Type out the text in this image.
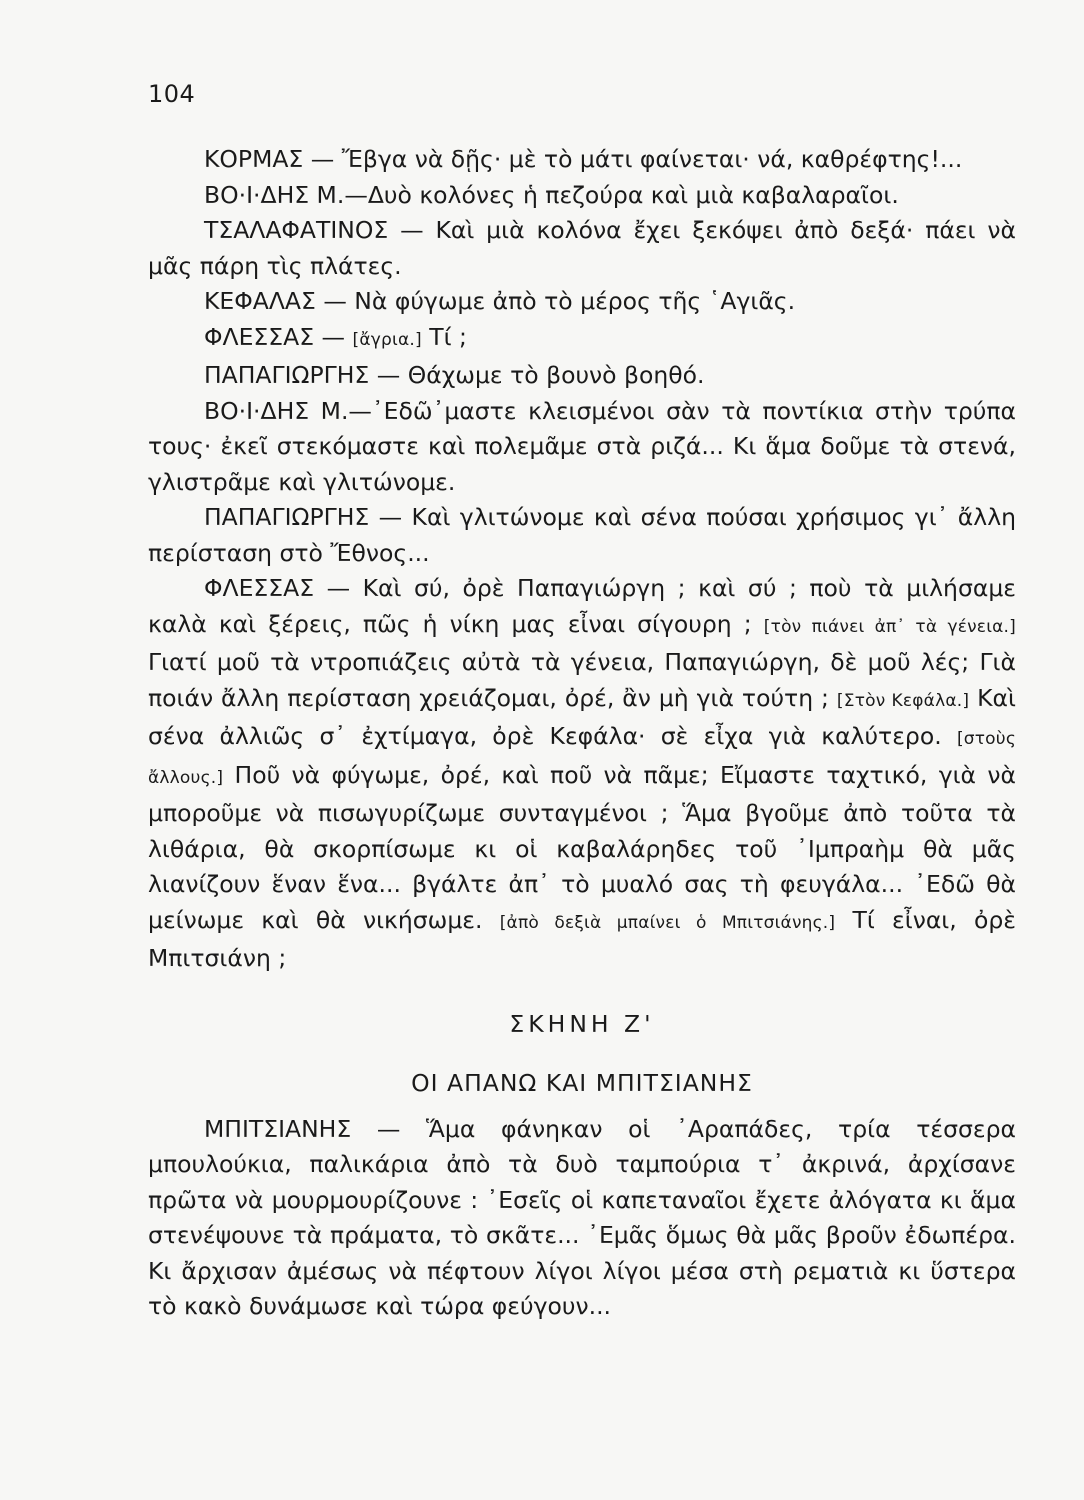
104

ΚΟΡΜΑΣ — Ἔβγα νὰ δῇς· μὲ τὸ μάτι φαίνεται· νά, καθρέφτης!...

ΒΟ·Ι·ΔΗΣ Μ.—Δυὸ κολόνες ἡ πεζούρα καὶ μιὰ καβαλαραῖοι.

ΤΣΑΛΑΦΑΤΙΝΟΣ — Καὶ μιὰ κολόνα ἔχει ξεκόψει ἀπὸ δεξά· πάει νὰ μᾶς πάρη τὶς πλάτες.

ΚΕΦΑΛΑΣ — Νὰ φύγωμε ἀπὸ τὸ μέρος τῆς ῾Αγιᾶς.

ΦΛΕΣΣΑΣ — [ἄγρια.] Τί ;

ΠΑΠΑΓΙΩΡΓΗΣ — Θάχωμε τὸ βουνὸ βοηθό.

ΒΟ·Ι·ΔΗΣ Μ.—᾿Εδῶ᾿μαστε κλεισμένοι σὰν τὰ ποντίκια στὴν τρύπα τους· ἐκεῖ στεκόμαστε καὶ πολεμᾶμε στὰ ριζά... Κι ἅμα δοῦμε τὰ στενά, γλιστρᾶμε καὶ γλιτώνομε.

ΠΑΠΑΓΙΩΡΓΗΣ — Καὶ γλιτώνομε καὶ σένα πούσαι χρήσιμος γι᾿ ἄλλη περίσταση στὸ Ἔθνος...

ΦΛΕΣΣΑΣ — Καὶ σύ, ὀρὲ Παπαγιώργη ; καὶ σύ ; ποὺ τὰ μιλήσαμε καλὰ καὶ ξέρεις, πῶς ἡ νίκη μας εἶναι σίγουρη ; [τὸν πιάνει ἀπ᾿ τὰ γένεια.] Γιατί μοῦ τὰ ντροπιάζεις αὐτὰ τὰ γένεια, Παπαγιώργη, δὲ μοῦ λές; Γιὰ ποιάν ἄλλη περίσταση χρειάζομαι, ὀρέ, ἂν μὴ γιὰ τούτη ; [Στὸν Κεφάλα.] Καὶ σένα ἀλλιῶς σ᾿ ἐχτίμαγα, ὀρὲ Κεφάλα· σὲ εἶχα γιὰ καλύτερο. [στοὺς ἄλλους.] Ποῦ νὰ φύγωμε, ὀρέ, καὶ ποῦ νὰ πᾶμε; Εἴμαστε ταχτικό, γιὰ νὰ μποροῦμε νὰ πισωγυρίζωμε συνταγμένοι ; Ἅμα βγοῦμε ἀπὸ τοῦτα τὰ λιθάρια, θὰ σκορπίσωμε κι οἱ καβαλάρηδες τοῦ ᾿Ιμπραὴμ θὰ μᾶς λιανίζουν ἕναν ἕνα... βγάλτε ἀπ᾿ τὸ μυαλό σας τὴ φευγάλα... ᾿Εδῶ θὰ μείνωμε καὶ θὰ νικήσωμε. [ἀπὸ δεξιὰ μπαίνει ὁ Μπιτσιάνης.] Τί εἶναι, ὀρὲ Μπιτσιάνη ;

ΣΚΗΝΗ Ζ'

ΟΙ ΑΠΑΝΩ ΚΑΙ ΜΠΙΤΣΙΑΝΗΣ

ΜΠΙΤΣΙΑΝΗΣ — Ἅμα φάνηκαν οἱ ᾿Αραπάδες, τρία τέσσερα μπουλούκια, παλικάρια ἀπὸ τὰ δυὸ ταμπούρια τ᾿ ἀκρινά, ἀρχίσανε πρῶτα νὰ μουρμουρίζουνε : ᾿Εσεῖς οἱ καπεταναῖοι ἔχετε ἀλόγατα κι ἅμα στενέψουνε τὰ πράματα, τὸ σκᾶτε... ᾿Εμᾶς ὅμως θὰ μᾶς βροῦν ἐδωπέρα. Κι ἄρχισαν ἀμέσως νὰ πέφτουν λίγοι λίγοι μέσα στὴ ρεματιὰ κι ὕστερα τὸ κακὸ δυνάμωσε καὶ τώρα φεύγουν...
